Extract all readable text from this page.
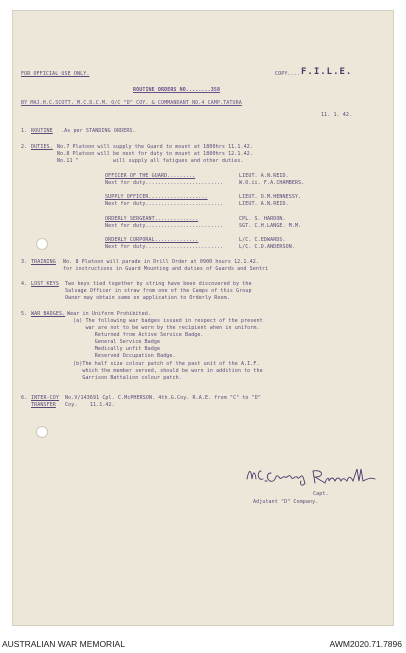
FOR OFFICIAL USE ONLY.	COPY.... F.I.L.E.
ROUTINE ORDERS NO........358
BY MAJ.H.C.SCOTT, M.C.D.C.M. O/C "D" COY. & COMMANDANT NO.4 CAMP.TATURA
11. 1. 42.
1. ROUTINE .As per STANDING ORDERS.
2. DUTIES. No.7 Platoon will supply the Guard to mount at 1800hrs 11.1.42.
No.8 Platoon will be next for duty to mount at 1800hrs 12.1.42.
No.11 "           will supply all fatigues and other duties.
OFFICER OF THE GUARD.........	LIEUT. A.N.REID.
Next for duty.........................	W.O.ii. F.A.CHAMBERS.
SUPPLY OFFICER...................	LIEUT. O.M.HENNESSY.
Next for duty.........................	LIEUT. A.N.REID.
ORDERLY SERGEANT..............	CPL. S. HARDON.
Next for duty.........................	SGT. C.H.LANGE. M.M.
ORDERLY CORPORAL..............	L/C. C.EDWARDS.
Next for duty.........................	L/C. C.D.ANDERSON.
3. TRAINING No. 8 Platoon will parade in Drill Order at 0900 hours 12.1.42.
for instructions in Guard Mounting and duties of Guards and Sentri
4. LOST KEYS Two keys tied together by string have been discovered by the
Salvage Officer in straw from one of the Camps of this Group
Owner may obtain same on application to Orderly Room.
5. WAR BADGES. Wear in Uniform Prohibited.
(a) The following war badges issued in respect of the present
war are not to be worn by the recipient when in uniform.
Returned from Active Service Badge.
General Service Badge
Medically unfit Badge
Reserved Occupation Badge.
(b)The half size colour patch of the past unit of the A.I.F.
which the member served, should be worn in addition to the
Garrison Battalion colour patch.
6. INTER-COY
TRANSFER
No.V/143691 Cpl. C.McPHERSON. 4th.G.Coy. R.A.E. from "C" to "D"
Coy.    11.1.42.
Capt.
Adjutant "D" Company.
AUSTRALIAN WAR MEMORIAL	AWM2020.71.7896
